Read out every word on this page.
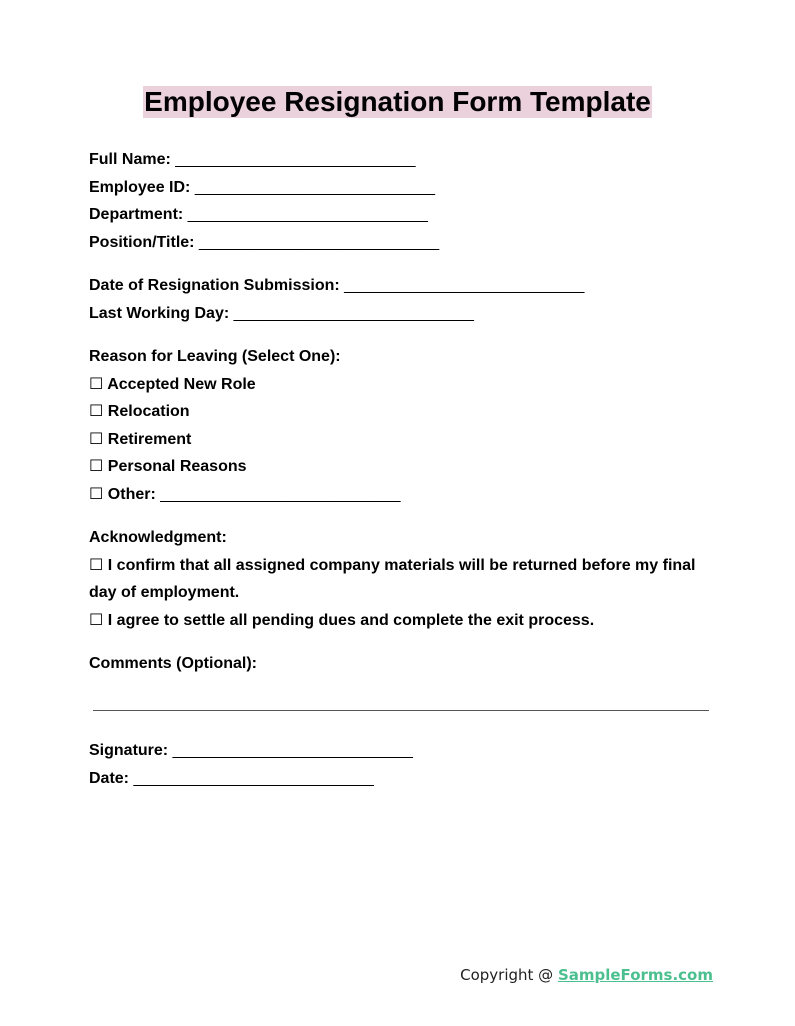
Employee Resignation Form Template
Full Name: ___________________________
Employee ID: ___________________________
Department: ___________________________
Position/Title: ___________________________
Date of Resignation Submission: ___________________________
Last Working Day: ___________________________
Reason for Leaving (Select One):
☐ Accepted New Role
☐ Relocation
☐ Retirement
☐ Personal Reasons
☐ Other: ___________________________
Acknowledgment:
☐ I confirm that all assigned company materials will be returned before my final day of employment.
☐ I agree to settle all pending dues and complete the exit process.
Comments (Optional):
Signature: ___________________________
Date: ___________________________
Copyright @ SampleForms.com
